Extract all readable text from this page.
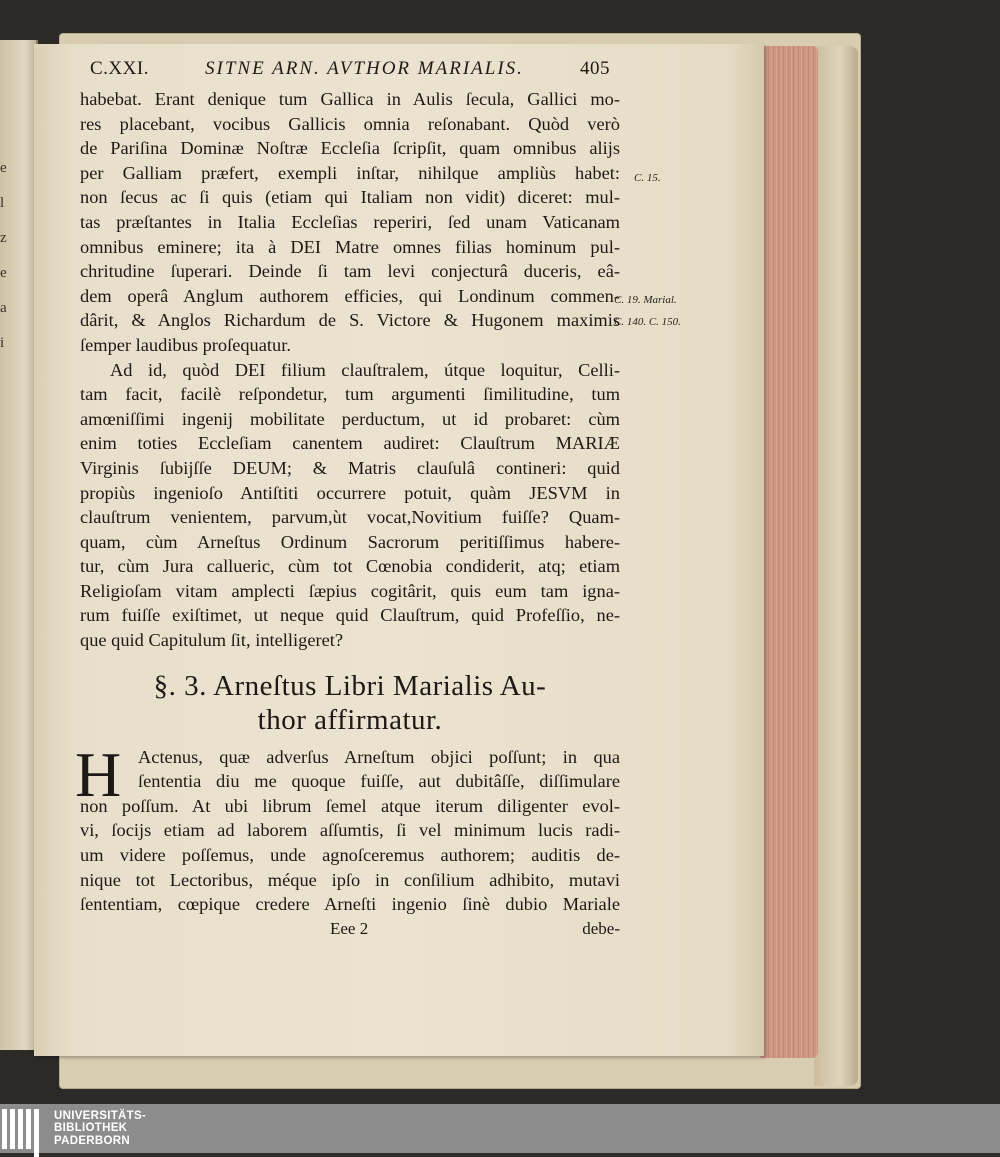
e
l
z
e
a
i
C.XXI.	SITNE ARN. AVTHOR MARIALIS.	405
habebat. Erant denique tum Gallica in Aulis ſecula, Gallici mo-
res placebant, vocibus Gallicis omnia reſonabant. Quòd verò
de Pariſina Dominæ Noſtræ Eccleſia ſcripſit, quam omnibus alijs
per Galliam præfert, exempli inſtar, nihilque ampliùs habet:
non ſecus ac ſi quis (etiam qui Italiam non vidit) diceret: mul-
tas præſtantes in Italia Eccleſias reperiri, ſed unam Vaticanam
omnibus eminere; ita à DEI Matre omnes filias hominum pul-
chritudine ſuperari. Deinde ſi tam levi conjecturâ duceris, eâ-
dem operâ Anglum authorem efficies, qui Londinum commen-
dârit, & Anglos Richardum de S. Victore & Hugonem maximis
ſemper laudibus proſequatur.
Ad id, quòd DEI filium clauſtralem, útque loquitur, Celli-
tam facit, facilè reſpondetur, tum argumenti ſimilitudine, tum
amœniſſimi ingenij mobilitate perductum, ut id probaret: cùm
enim toties Eccleſiam canentem audiret: Clauſtrum MARIÆ
Virginis ſubijſſe DEUM; & Matris clauſulâ contineri: quid
propiùs ingenioſo Antiſtiti occurrere potuit, quàm JESVM in
clauſtrum venientem, parvum,ùt vocat,Novitium fuiſſe? Quam-
quam, cùm Arneſtus Ordinum Sacrorum peritiſſimus habere-
tur, cùm Jura callueric, cùm tot Cœnobia condiderit, atq; etiam
Religioſam vitam amplecti ſæpius cogitârit, quis eum tam igna-
rum fuiſſe exiſtimet, ut neque quid Clauſtrum, quid Profeſſio, ne-
que quid Capitulum ſit, intelligeret?
§. 3. Arneſtus Libri Marialis Au-
thor affirmatur.
H Actenus, quæ adverſus Arneſtum objici poſſunt; in qua
ſententia diu me quoque fuiſſe, aut dubitâſſe, diſſimulare
non poſſum. At ubi librum ſemel atque iterum diligenter evol-
vi, ſocijs etiam ad laborem aſſumtis, ſi vel minimum lucis radi-
um videre poſſemus, unde agnoſceremus authorem; auditis de-
nique tot Lectoribus, méque ipſo in conſilium adhibito, mutavi
ſententiam, cœpique credere Arneſti ingenio ſinè dubio Mariale
Eee 2	debe-
C. 15.
C. 19. Marial.
C. 140. C. 150.
UNIVERSITÄTS-
BIBLIOTHEK
PADERBORN
